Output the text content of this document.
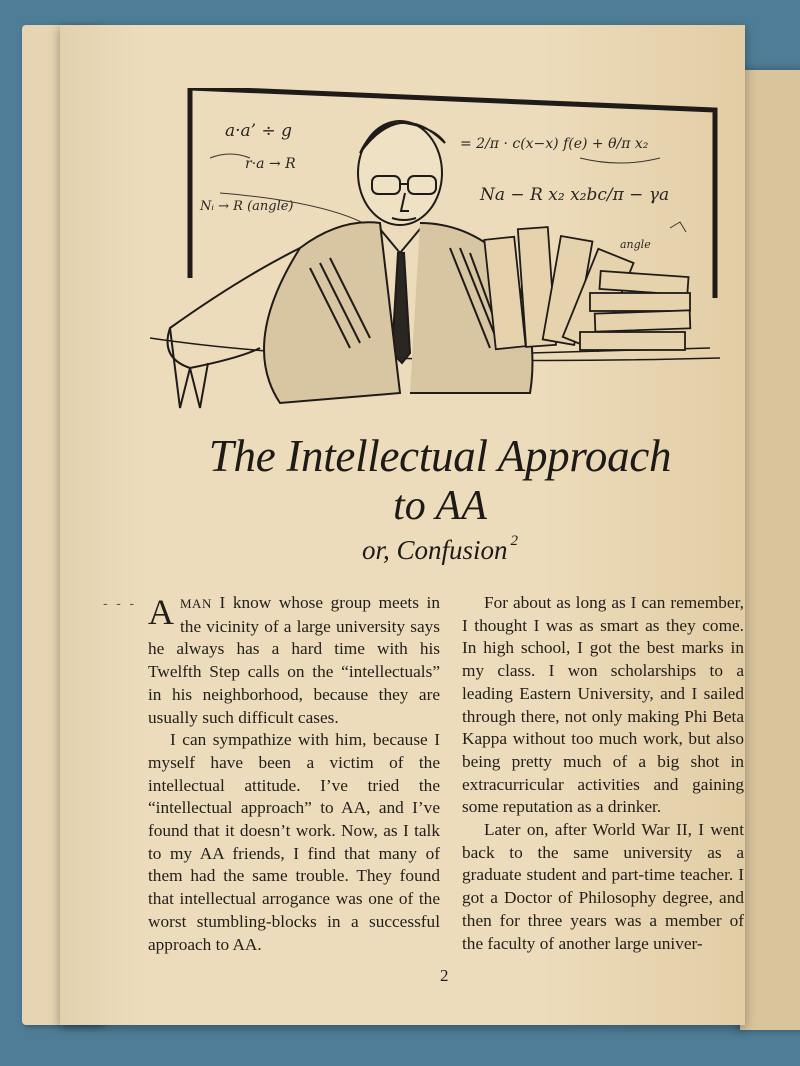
a·a’ ÷ g
r·a → R
Nᵢ → R (angle)
= 2/π · c(x−x) f(e) + θ/π x₂
Na − R x₂ x₂bc/π − γa
angle
The Intellectual Approach
to AA
or, Confusion $^2$
- - - AMAN I know whose group meets in the vicinity of a large university says he always has a hard time with his Twelfth Step calls on the “intellectuals” in his neighborhood, because they are usually such difficult cases.

I can sympathize with him, because I myself have been a victim of the intellectual attitude. I’ve tried the “intellectual approach” to AA, and I’ve found that it doesn’t work. Now, as I talk to my AA friends, I find that many of them had the same trouble. They found that intellectual arrogance was one of the worst stumbling-blocks in a successful approach to AA.

For about as long as I can remember, I thought I was as smart as they come. In high school, I got the best marks in my class. I won scholarships to a leading Eastern University, and I sailed through there, not only making Phi Beta Kappa without too much work, but also being pretty much of a big shot in extracurricular activities and gaining some reputation as a drinker.

Later on, after World War II, I went back to the same university as a graduate student and part-time teacher. I got a Doctor of Philosophy degree, and then for three years was a member of the faculty of another large univer-

2
